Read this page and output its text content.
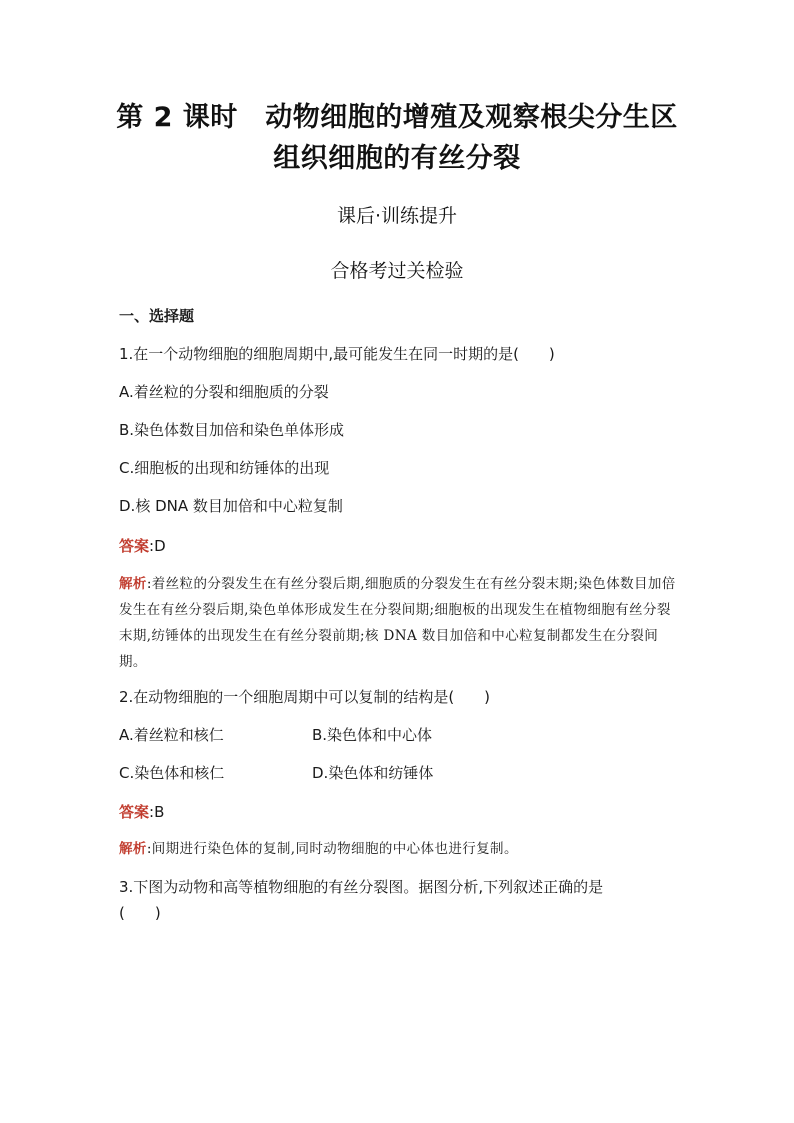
第 2 课时　动物细胞的增殖及观察根尖分生区
组织细胞的有丝分裂
课后·训练提升
合格考过关检验
一、选择题
1.在一个动物细胞的细胞周期中,最可能发生在同一时期的是(　　)
A.着丝粒的分裂和细胞质的分裂
B.染色体数目加倍和染色单体形成
C.细胞板的出现和纺锤体的出现
D.核 DNA 数目加倍和中心粒复制
答案:D
解析:着丝粒的分裂发生在有丝分裂后期,细胞质的分裂发生在有丝分裂末期;染色体数目加倍发生在有丝分裂后期,染色单体形成发生在分裂间期;细胞板的出现发生在植物细胞有丝分裂末期,纺锤体的出现发生在有丝分裂前期;核 DNA 数目加倍和中心粒复制都发生在分裂间期。
2.在动物细胞的一个细胞周期中可以复制的结构是(　　)
A.着丝粒和核仁	B.染色体和中心体
C.染色体和核仁	D.染色体和纺锤体
答案:B
解析:间期进行染色体的复制,同时动物细胞的中心体也进行复制。
3.下图为动物和高等植物细胞的有丝分裂图。据图分析,下列叙述正确的是
(　　)
